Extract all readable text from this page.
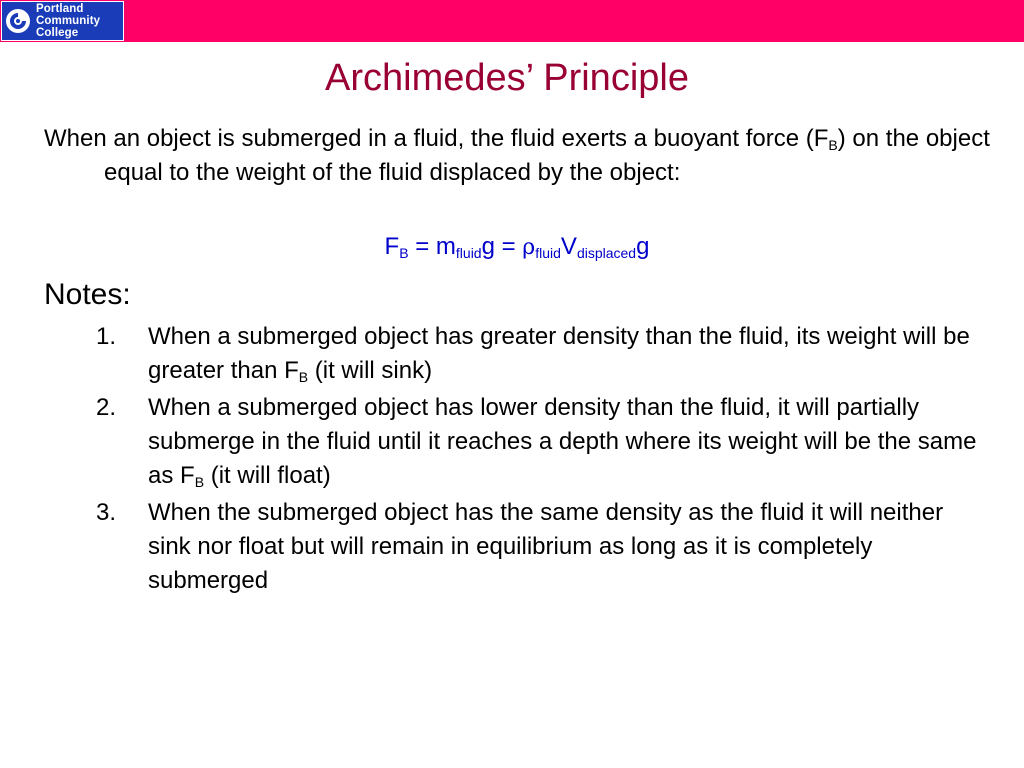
Portland
Community
College
Archimedes’ Principle

When an object is submerged in a fluid, the fluid exerts a buoyant force $(F_B)$ on the object equal to the weight of the fluid displaced by the object:

$F_B = m_{fluid}g = \rho_{fluid}V_{displaced}g$

Notes:
1. When a submerged object has greater density than the fluid, its weight will be greater than $F_B$ (it will sink)
2. When a submerged object has lower density than the fluid, it will partially submerge in the fluid until it reaches a depth where its weight will be the same as $F_B$ (it will float)
3. When the submerged object has the same density as the fluid it will neither sink nor float but will remain in equilibrium as long as it is completely submerged
